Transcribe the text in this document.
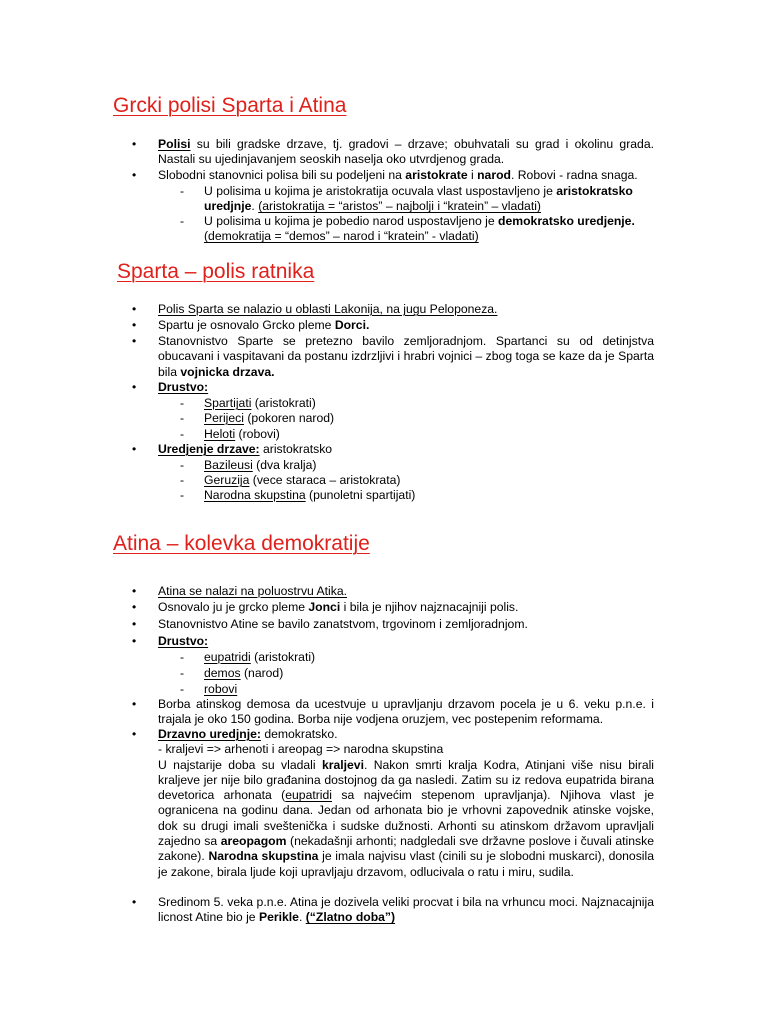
Grcki polisi Sparta i Atina
• Polisi su bili gradske drzave, tj. gradovi – drzave; obuhvatali su grad i okolinu grada. Nastali su ujedinjavanjem seoskih naselja oko utvrdjenog grada.
• Slobodni stanovnici polisa bili su podeljeni na aristokrate i narod. Robovi - radna snaga.
- U polisima u kojima je aristokratija ocuvala vlast uspostavljeno je aristokratsko uredjnje. (aristokratija = “aristos” – najbolji i “kratein” – vladati)
- U polisima u kojima je pobedio narod uspostavljeno je demokratsko uredjenje.
(demokratija = “demos” – narod i “kratein” - vladati)
Sparta – polis ratnika
• Polis Sparta se nalazio u oblasti Lakonija, na jugu Peloponeza.
• Spartu je osnovalo Grcko pleme Dorci.
• Stanovnistvo Sparte se pretezno bavilo zemljoradnjom. Spartanci su od detinjstva obucavani i vaspitavani da postanu izdrzljivi i hrabri vojnici – zbog toga se kaze da je Sparta bila vojnicka drzava.
• Drustvo:
- Spartijati (aristokrati)
- Perijeci (pokoren narod)
- Heloti (robovi)
• Uredjenje drzave: aristokratsko
- Bazileusi (dva kralja)
- Geruzija (vece staraca – aristokrata)
- Narodna skupstina (punoletni spartijati)
Atina – kolevka demokratije
• Atina se nalazi na poluostrvu Atika.
• Osnovalo ju je grcko pleme Jonci i bila je njihov najznacajniji polis.
• Stanovnistvo Atine se bavilo zanatstvom, trgovinom i zemljoradnjom.
• Drustvo:
- eupatridi (aristokrati)
- demos (narod)
- robovi
• Borba atinskog demosa da ucestvuje u upravljanju drzavom pocela je u 6. veku p.n.e. i trajala je oko 150 godina. Borba nije vodjena oruzjem, vec postepenim reformama.
• Drzavno uredjnje: demokratsko.
- kraljevi => arhenoti i areopag => narodna skupstina
U najstarije doba su vladali kraljevi. Nakon smrti kralja Kodra, Atinjani više nisu birali kraljeve jer nije bilo građanina dostojnog da ga nasledi. Zatim su iz redova eupatrida birana devetorica arhonata (eupatridi sa najvećim stepenom upravljanja). Njihova vlast je ogranicena na godinu dana. Jedan od arhonata bio je vrhovni zapovednik atinske vojske, dok su drugi imali sveštenička i sudske dužnosti. Arhonti su atinskom državom upravljali zajedno sa areopagom (nekadašnji arhonti; nadgledali sve državne poslove i čuvali atinske zakone). Narodna skupstina je imala najvisu vlast (cinili su je slobodni muskarci), donosila je zakone, birala ljude koji upravljaju drzavom, odlucivala o ratu i miru, sudila.
• Sredinom 5. veka p.n.e. Atina je dozivela veliki procvat i bila na vrhuncu moci. Najznacajnija licnost Atine bio je Perikle. (“Zlatno doba”)
